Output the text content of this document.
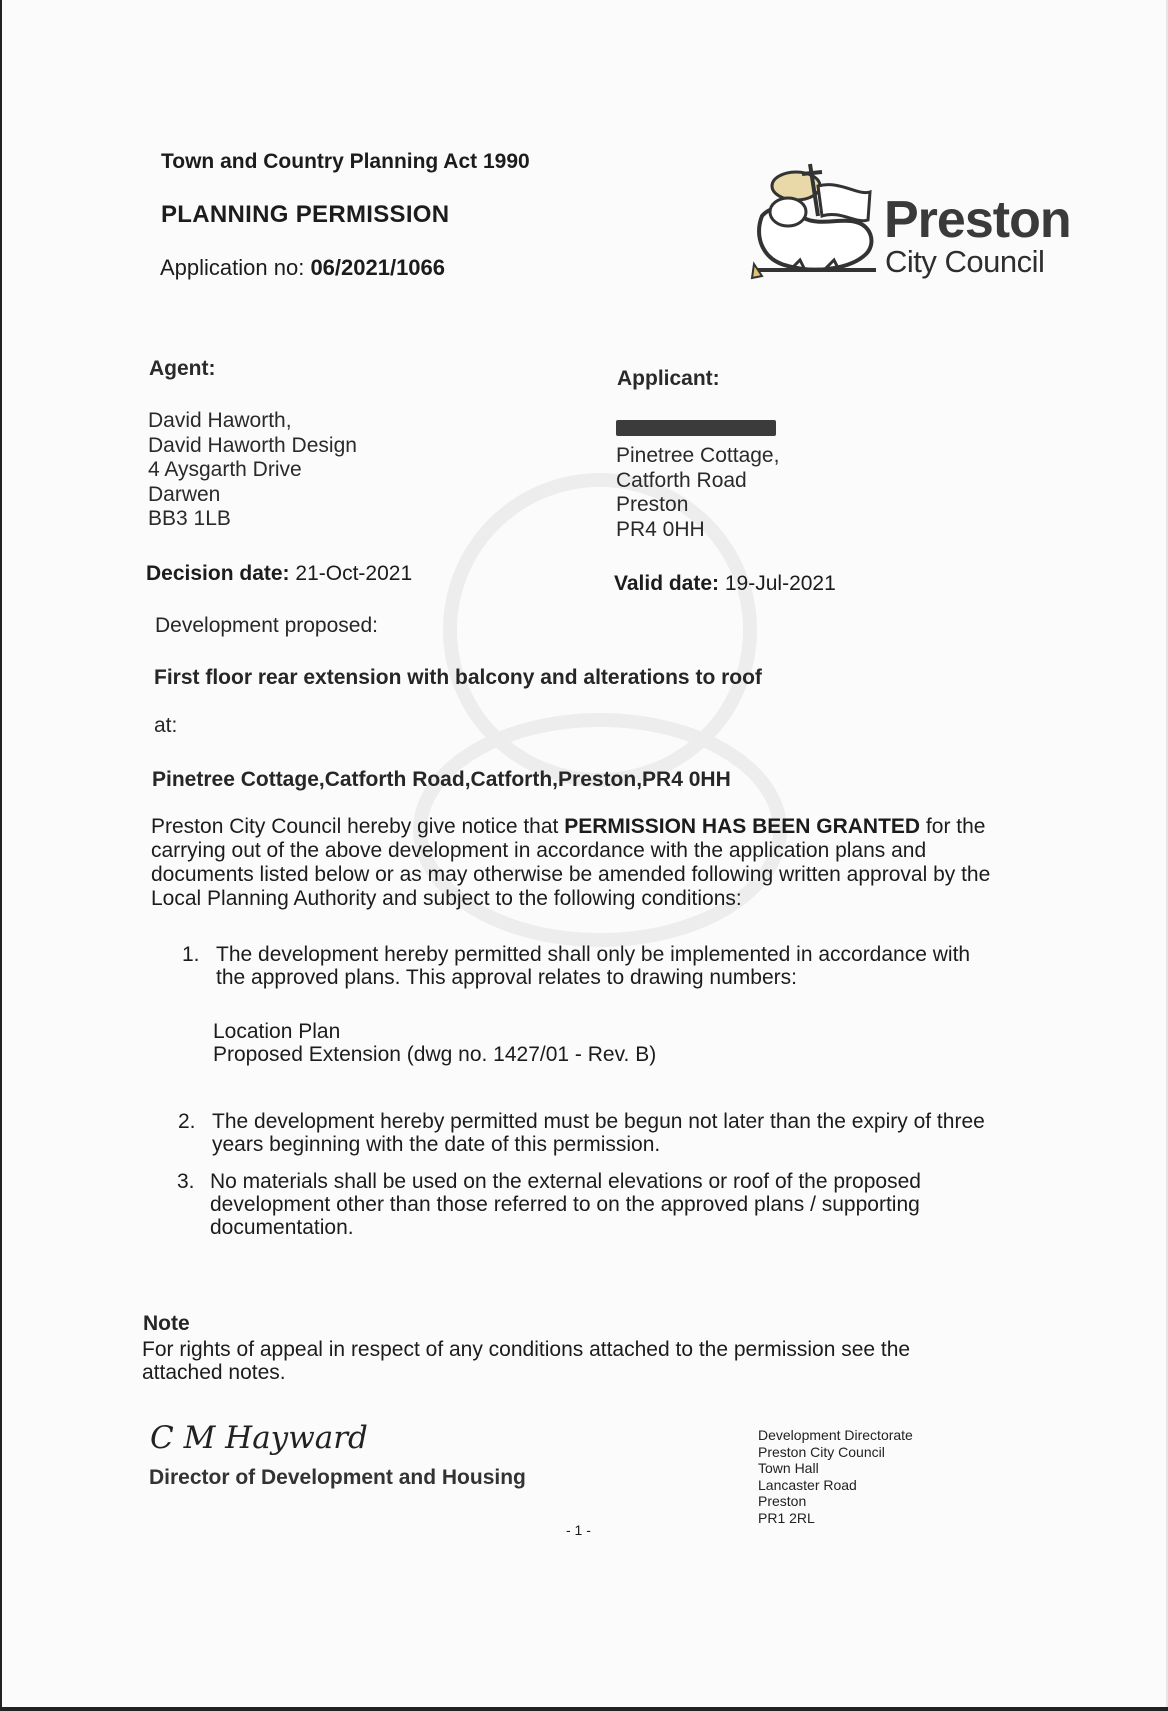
Town and Country Planning Act 1990
PLANNING PERMISSION
Application no: 06/2021/1066
Preston
City Council
Agent:
David Haworth,
David Haworth Design
4 Aysgarth Drive
Darwen
BB3 1LB
Applicant:
Pinetree Cottage,
Catforth Road
Preston
PR4 0HH
Decision date: 21-Oct-2021	Valid date: 19-Jul-2021
Development proposed:
First floor rear extension with balcony and alterations to roof
at:
Pinetree Cottage,Catforth Road,Catforth,Preston,PR4 0HH
Preston City Council hereby give notice that PERMISSION HAS BEEN GRANTED for the carrying out of the above development in accordance with the application plans and documents listed below or as may otherwise be amended following written approval by the Local Planning Authority and subject to the following conditions:
1. The development hereby permitted shall only be implemented in accordance with
the approved plans. This approval relates to drawing numbers:
Location Plan
Proposed Extension (dwg no. 1427/01 - Rev. B)
2. The development hereby permitted must be begun not later than the expiry of three
years beginning with the date of this permission.
3. No materials shall be used on the external elevations or roof of the proposed
development other than those referred to on the approved plans / supporting
documentation.
Note
For rights of appeal in respect of any conditions attached to the permission see the
attached notes.
C M Hayward
Director of Development and Housing
Development Directorate
Preston City Council
Town Hall
Lancaster Road
Preston
PR1 2RL
- 1 -
